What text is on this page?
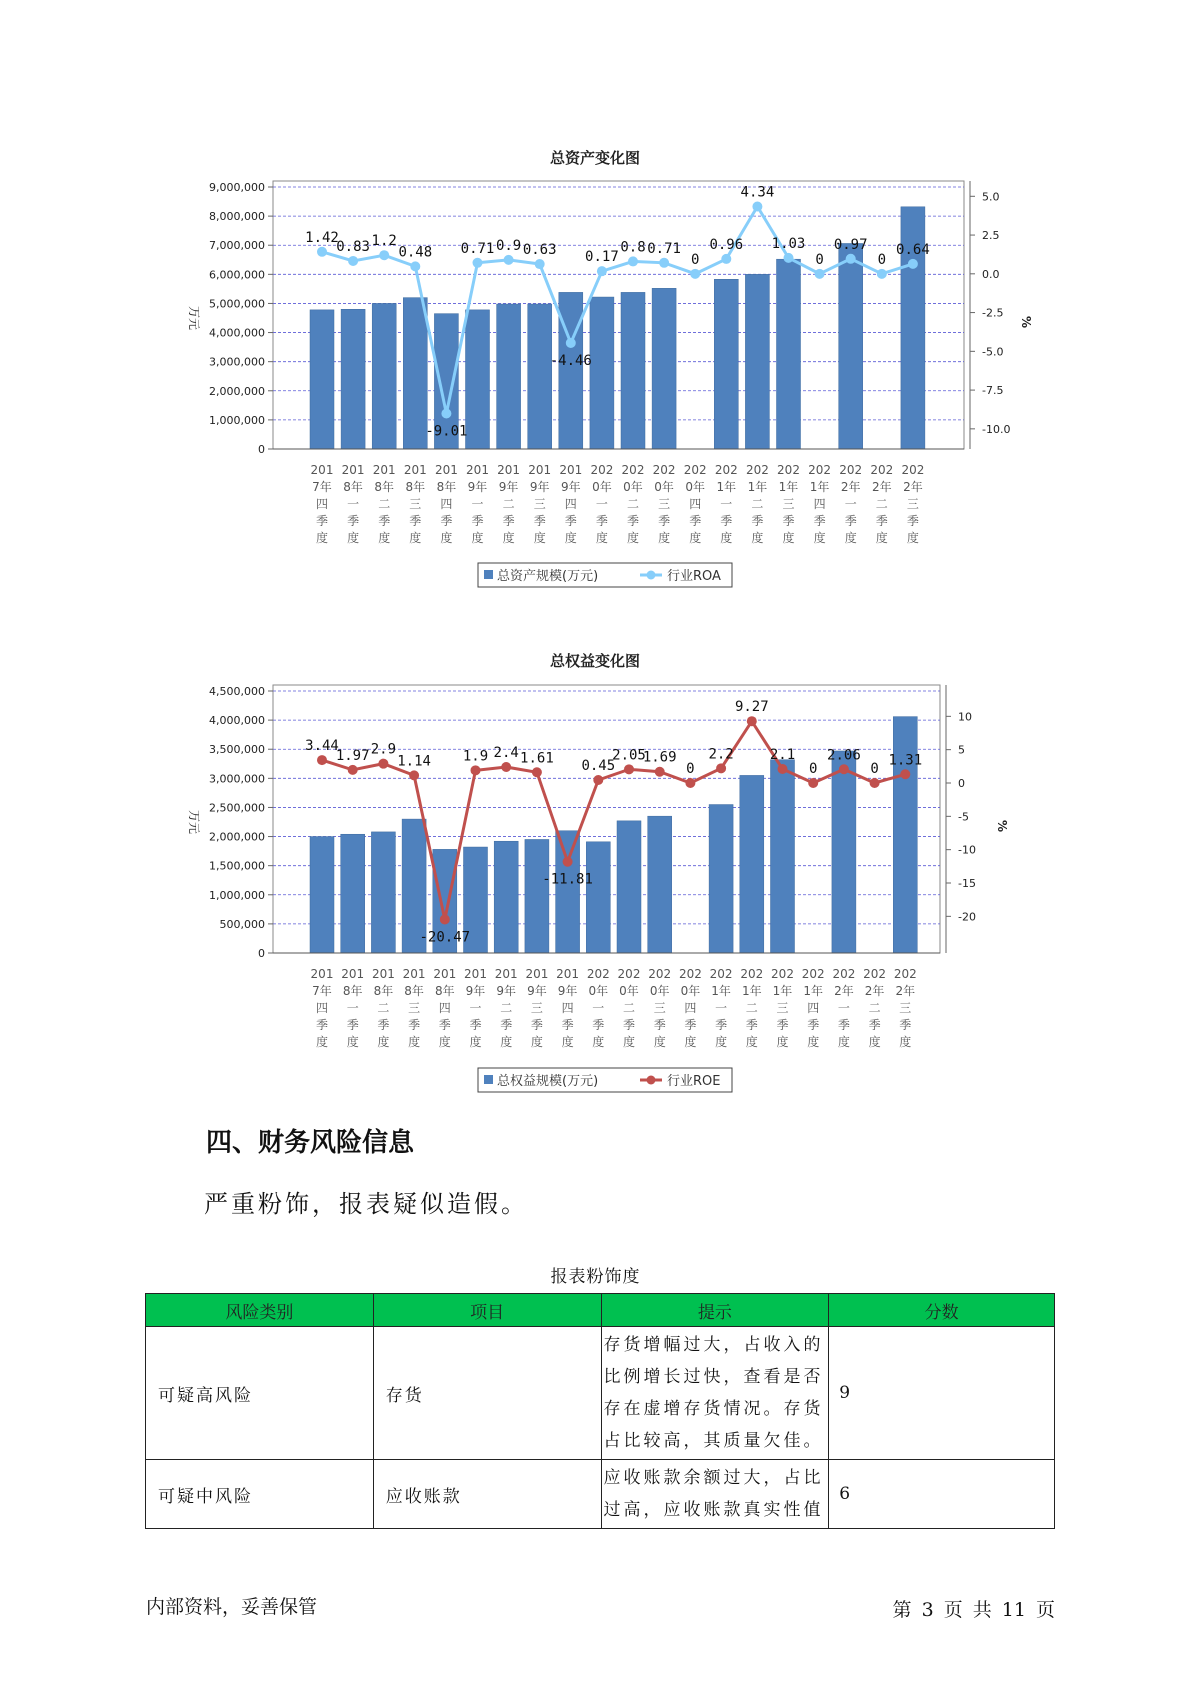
总资产变化图
0
1,000,000
2,000,000
3,000,000
4,000,000
5,000,000
6,000,000
7,000,000
8,000,000
9,000,000
5.0
2.5
0.0
-2.5
-5.0
-7.5
-10.0
万元	%
1.42
0.83 1.2
0.48
-9.01
0.71 0.9 0.63
-4.46
0.17
0.8 0.71
0
0.96
4.34
1.03
0
0.97
0
0.64
201 7年四季度
201 8年一季度
201 8年二季度
201 8年三季度
201 8年四季度
201 9年一季度
201 9年二季度
201 9年三季度
201 9年四季度
202 0年一季度
202 0年二季度
202 0年三季度
202 0年四季度
202 1年一季度
202 1年二季度
202 1年三季度
202 1年四季度
202 2年一季度
202 2年二季度
202 2年三季度
总资产规模(万元)	行业ROA
总权益变化图
0
500,000
1,000,000
1,500,000
2,000,000
2,500,000
3,000,000
3,500,000
4,000,000
4,500,000
10
5
0
-5
-10
-15
-20
万元	%
3.44
1.97 2.9
1.14
-20.47
1.9 2.4 1.61
-11.81
0.45
2.05
1.69
0
2.2
9.27
2.1
0
2.06
0
1.31
201 7年四季度
201 8年一季度
201 8年二季度
201 8年三季度
201 8年四季度
201 9年一季度
201 9年二季度
201 9年三季度
201 9年四季度
202 0年一季度
202 0年二季度
202 0年三季度
202 0年四季度
202 1年一季度
202 1年二季度
202 1年三季度
202 1年四季度
202 2年一季度
202 2年二季度
202 2年三季度
总权益规模(万元)	行业ROE
四、财务风险信息

严重粉饰，报表疑似造假。

报表粉饰度
风险类别	项目	提示	分数
可疑高风险	存货	存货增幅过大，占收入的比例增长过快，查看是否存在虚增存货情况。存货占比较高，其质量欠佳。	9
可疑中风险	应收账款	应收账款余额过大，占比过高，应收账款真实性值	6
内部资料，妥善保管	第 3 页 共 11 页
